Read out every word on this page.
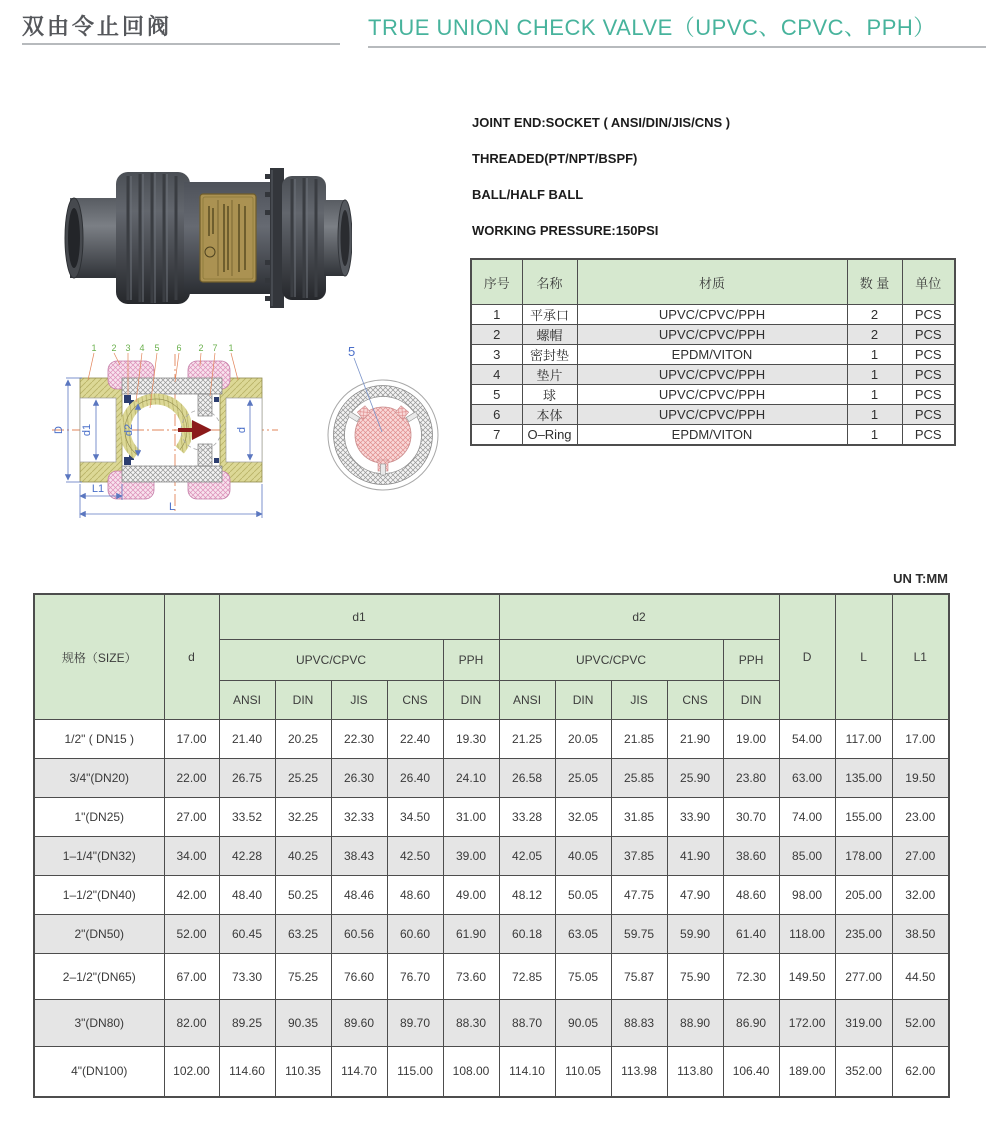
双由令止回阀	TRUE UNION CHECK VALVE（UPVC、CPVC、PPH）
JOINT END:SOCKET ( ANSI/DIN/JIS/CNS )
THREADED(PT/NPT/BSPF)
BALL/HALF BALL
WORKING PRESSURE:150PSI
序号	名称	材质	数 量	单位
1	平承口	UPVC/CPVC/PPH	2	PCS
2	螺帽	UPVC/CPVC/PPH	2	PCS
3	密封垫	EPDM/VITON	1	PCS
4	垫片	UPVC/CPVC/PPH	1	PCS
5	球	UPVC/CPVC/PPH	1	PCS
6	本体	UPVC/CPVC/PPH	1	PCS
7	O–Ring	EPDM/VITON	1	PCS
D d1	d2	d
L1
L
1 2 3 4 5 6 2 7 1	5
UN T:MM
规格（SIZE）	d	d1					d2					D	L	L1
		UPVC/CPVC				PPH	UPVC/CPVC				PPH			
		ANSI	DIN	JIS	CNS	DIN	ANSI	DIN	JIS	CNS	DIN			
1/2" ( DN15 )	17.00	21.40	20.25	22.30	22.40	19.30	21.25	20.05	21.85	21.90	19.00	54.00	117.00	17.00
3/4"(DN20)	22.00	26.75	25.25	26.30	26.40	24.10	26.58	25.05	25.85	25.90	23.80	63.00	135.00	19.50
1"(DN25)	27.00	33.52	32.25	32.33	34.50	31.00	33.28	32.05	31.85	33.90	30.70	74.00	155.00	23.00
1–1/4"(DN32)	34.00	42.28	40.25	38.43	42.50	39.00	42.05	40.05	37.85	41.90	38.60	85.00	178.00	27.00
1–1/2"(DN40)	42.00	48.40	50.25	48.46	48.60	49.00	48.12	50.05	47.75	47.90	48.60	98.00	205.00	32.00
2"(DN50)	52.00	60.45	63.25	60.56	60.60	61.90	60.18	63.05	59.75	59.90	61.40	118.00	235.00	38.50
2–1/2"(DN65)	67.00	73.30	75.25	76.60	76.70	73.60	72.85	75.05	75.87	75.90	72.30	149.50	277.00	44.50
3"(DN80)	82.00	89.25	90.35	89.60	89.70	88.30	88.70	90.05	88.83	88.90	86.90	172.00	319.00	52.00
4"(DN100)	102.00	114.60	110.35	114.70	115.00	108.00	114.10	110.05	113.98	113.80	106.40	189.00	352.00	62.00
